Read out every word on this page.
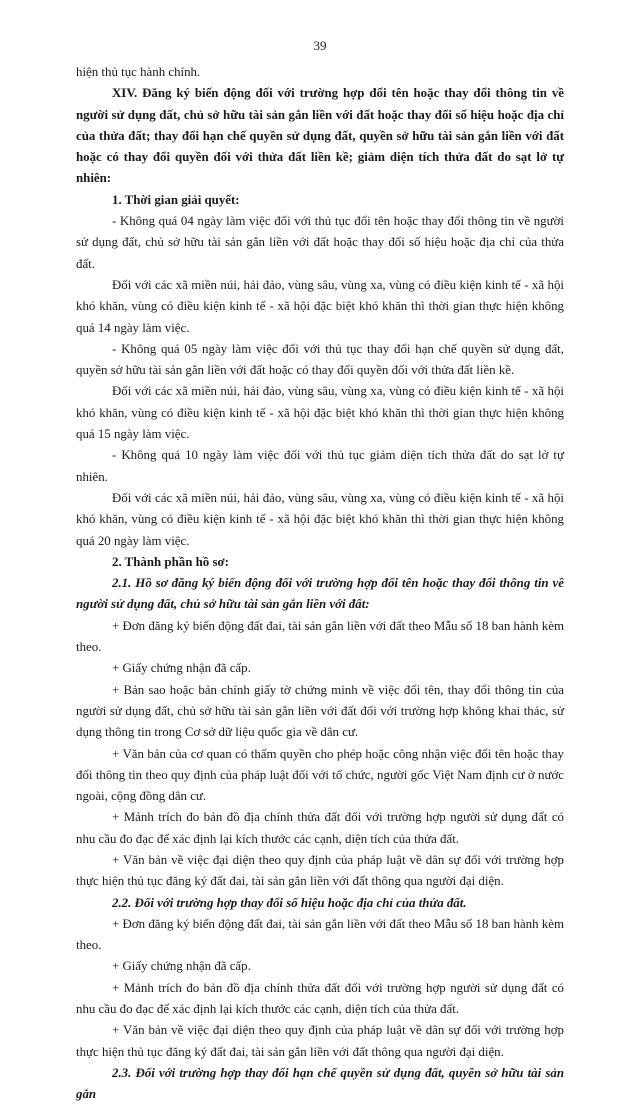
39

hiện thủ tục hành chính.

XIV. Đăng ký biến động đối với trường hợp đổi tên hoặc thay đổi thông tin về người sử dụng đất, chủ sở hữu tài sản gắn liền với đất hoặc thay đổi số hiệu hoặc địa chỉ của thửa đất; thay đổi hạn chế quyền sử dụng đất, quyền sở hữu tài sản gắn liền với đất hoặc có thay đổi quyền đối với thửa đất liền kề; giảm diện tích thửa đất do sạt lở tự nhiên:

1. Thời gian giải quyết:

- Không quá 04 ngày làm việc đối với thủ tục đổi tên hoặc thay đổi thông tin về người sử dụng đất, chủ sở hữu tài sản gắn liền với đất hoặc thay đổi số hiệu hoặc địa chỉ của thửa đất.

Đối với các xã miền núi, hải đảo, vùng sâu, vùng xa, vùng có điều kiện kinh tế - xã hội khó khăn, vùng có điều kiện kinh tế - xã hội đặc biệt khó khăn thì thời gian thực hiện không quá 14 ngày làm việc.

- Không quá 05 ngày làm việc đối với thủ tục thay đổi hạn chế quyền sử dụng đất, quyền sở hữu tài sản gắn liền với đất hoặc có thay đổi quyền đối với thửa đất liền kề.

Đối với các xã miền núi, hải đảo, vùng sâu, vùng xa, vùng có điều kiện kinh tế - xã hội khó khăn, vùng có điều kiện kinh tế - xã hội đặc biệt khó khăn thì thời gian thực hiện không quá 15 ngày làm việc.

- Không quá 10 ngày làm việc đối với thủ tục giảm diện tích thửa đất do sạt lở tự nhiên.

Đối với các xã miền núi, hải đảo, vùng sâu, vùng xa, vùng có điều kiện kinh tế - xã hội khó khăn, vùng có điều kiện kinh tế - xã hội đặc biệt khó khăn thì thời gian thực hiện không quá 20 ngày làm việc.

2. Thành phần hồ sơ:

2.1. Hồ sơ đăng ký biến động đối với trường hợp đổi tên hoặc thay đổi thông tin về người sử dụng đất, chủ sở hữu tài sản gắn liền với đất:

+ Đơn đăng ký biến động đất đai, tài sản gắn liền với đất theo Mẫu số 18 ban hành kèm theo.

+ Giấy chứng nhận đã cấp.

+ Bản sao hoặc bản chính giấy tờ chứng minh về việc đổi tên, thay đổi thông tin của người sử dụng đất, chủ sở hữu tài sản gắn liền với đất đối với trường hợp không khai thác, sử dụng thông tin trong Cơ sở dữ liệu quốc gia về dân cư.

+ Văn bản của cơ quan có thẩm quyền cho phép hoặc công nhận việc đổi tên hoặc thay đổi thông tin theo quy định của pháp luật đối với tổ chức, người gốc Việt Nam định cư ở nước ngoài, cộng đồng dân cư.

+ Mảnh trích đo bản đồ địa chính thửa đất đối với trường hợp người sử dụng đất có nhu cầu đo đạc để xác định lại kích thước các cạnh, diện tích của thửa đất.

+ Văn bản về việc đại diện theo quy định của pháp luật về dân sự đối với trường hợp thực hiện thủ tục đăng ký đất đai, tài sản gắn liền với đất thông qua người đại diện.

2.2. Đối với trường hợp thay đổi số hiệu hoặc địa chỉ của thửa đất.

+ Đơn đăng ký biến động đất đai, tài sản gắn liền với đất theo Mẫu số 18 ban hành kèm theo.

+ Giấy chứng nhận đã cấp.

+ Mảnh trích đo bản đồ địa chính thửa đất đối với trường hợp người sử dụng đất có nhu cầu đo đạc để xác định lại kích thước các cạnh, diện tích của thửa đất.

+ Văn bản về việc đại diện theo quy định của pháp luật về dân sự đối với trường hợp thực hiện thủ tục đăng ký đất đai, tài sản gắn liền với đất thông qua người đại diện.

2.3. Đối với trường hợp thay đổi hạn chế quyền sử dụng đất, quyền sở hữu tài sản gắn
